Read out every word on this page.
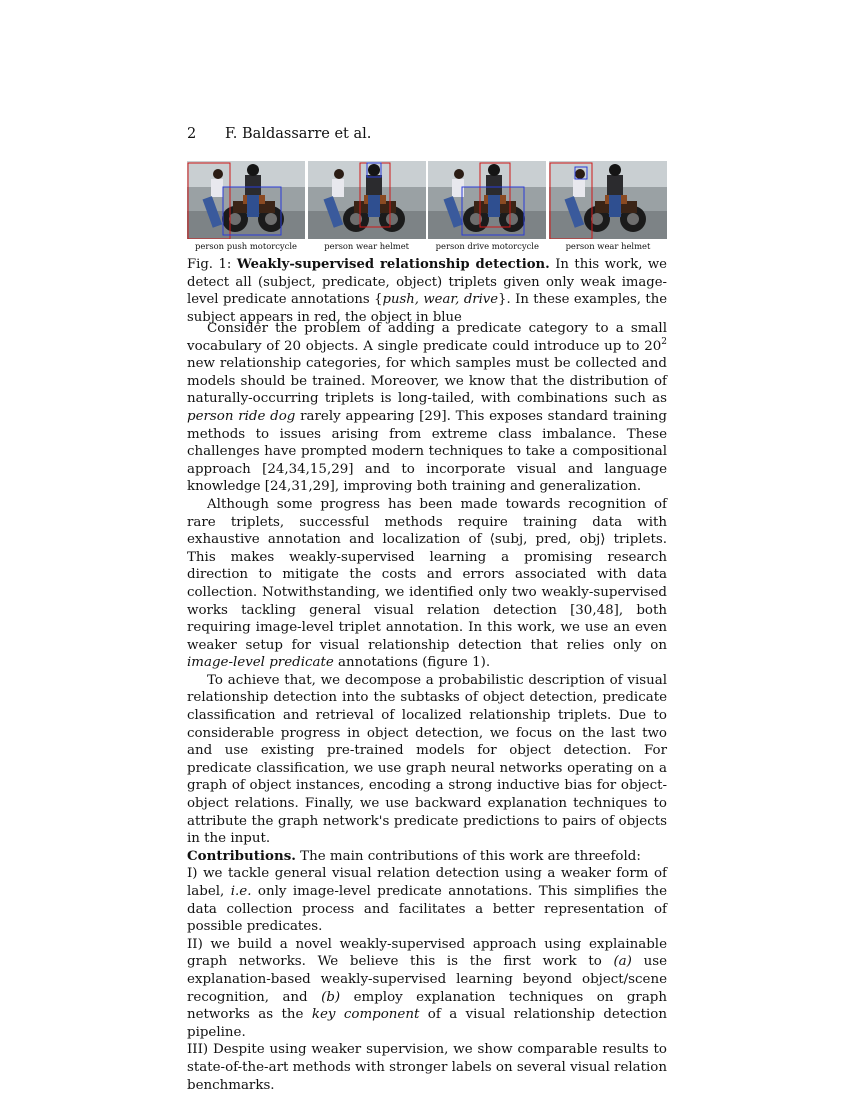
2 F. Baldassarre et al.
person push motorcycle	person wear helmet	person drive motorcycle	person wear helmet
Fig. 1: Weakly-supervised relationship detection. In this work, we detect all (subject, predicate, object) triplets given only weak image-level predicate annotations {push, wear, drive}. In these examples, the subject appears in red, the object in blue

Consider the problem of adding a predicate category to a small vocabulary of 20 objects. A single predicate could introduce up to $20^2$ new relationship categories, for which samples must be collected and models should be trained. Moreover, we know that the distribution of naturally-occurring triplets is long-tailed, with combinations such as person ride dog rarely appearing [29]. This exposes standard training methods to issues arising from extreme class imbalance. These challenges have prompted modern techniques to take a compositional approach [24,34,15,29] and to incorporate visual and language knowledge [24,31,29], improving both training and generalization.

Although some progress has been made towards recognition of rare triplets, successful methods require training data with exhaustive annotation and localization of ⟨subj, pred, obj⟩ triplets. This makes weakly-supervised learning a promising research direction to mitigate the costs and errors associated with data collection. Notwithstanding, we identified only two weakly-supervised works tackling general visual relation detection [30,48], both requiring image-level triplet annotation. In this work, we use an even weaker setup for visual relationship detection that relies only on image-level predicate annotations (figure 1).

To achieve that, we decompose a probabilistic description of visual relationship detection into the subtasks of object detection, predicate classification and retrieval of localized relationship triplets. Due to considerable progress in object detection, we focus on the last two and use existing pre-trained models for object detection. For predicate classification, we use graph neural networks operating on a graph of object instances, encoding a strong inductive bias for object-object relations. Finally, we use backward explanation techniques to attribute the graph network's predicate predictions to pairs of objects in the input.

Contributions. The main contributions of this work are threefold:

I) we tackle general visual relation detection using a weaker form of label, i.e. only image-level predicate annotations. This simplifies the data collection process and facilitates a better representation of possible predicates.

II) we build a novel weakly-supervised approach using explainable graph networks. We believe this is the first work to (a) use explanation-based weakly-supervised learning beyond object/scene recognition, and (b) employ explanation techniques on graph networks as the key component of a visual relationship detection pipeline.

III) Despite using weaker supervision, we show comparable results to state-of-the-art methods with stronger labels on several visual relation benchmarks.
